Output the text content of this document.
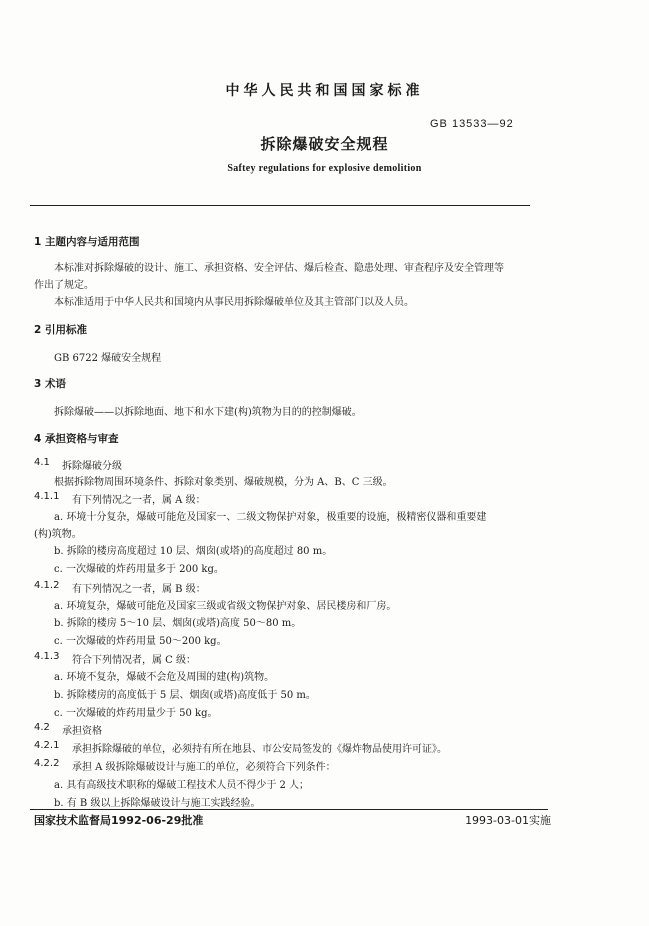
中华人民共和国国家标准
GB 13533—92
拆除爆破安全规程
Saftey regulations for explosive demolition
1 主题内容与适用范围
本标准对拆除爆破的设计、施工、承担资格、安全评估、爆后检查、隐患处理、审查程序及安全管理等
作出了规定。
本标准适用于中华人民共和国境内从事民用拆除爆破单位及其主管部门以及人员。
2 引用标准
GB 6722 爆破安全规程
3 术语
拆除爆破——以拆除地面、地下和水下建(构)筑物为目的的控制爆破。
4 承担资格与审查
4.1 拆除爆破分级
根据拆除物周围环境条件、拆除对象类别、爆破规模，分为 A、B、C 三级。
4.1.1 有下列情况之一者，属 A 级：
a. 环境十分复杂，爆破可能危及国家一、二级文物保护对象，极重要的设施，极精密仪器和重要建
(构)筑物。
b. 拆除的楼房高度超过 10 层、烟囱(或塔)的高度超过 80 m。
c. 一次爆破的炸药用量多于 200 kg。
4.1.2 有下列情况之一者，属 B 级：
a. 环境复杂，爆破可能危及国家三级或省级文物保护对象、居民楼房和厂房。
b. 拆除的楼房 5～10 层、烟囱(或塔)高度 50～80 m。
c. 一次爆破的炸药用量 50～200 kg。
4.1.3 符合下列情况者，属 C 级：
a. 环境不复杂，爆破不会危及周围的建(构)筑物。
b. 拆除楼房的高度低于 5 层、烟囱(或塔)高度低于 50 m。
c. 一次爆破的炸药用量少于 50 kg。
4.2 承担资格
4.2.1 承担拆除爆破的单位，必须持有所在地县、市公安局签发的《爆炸物品使用许可证》。
4.2.2 承担 A 级拆除爆破设计与施工的单位，必须符合下列条件：
a. 具有高级技术职称的爆破工程技术人员不得少于 2 人；
b. 有 B 级以上拆除爆破设计与施工实践经验。
国家技术监督局1992-06-29批准	1993-03-01实施
